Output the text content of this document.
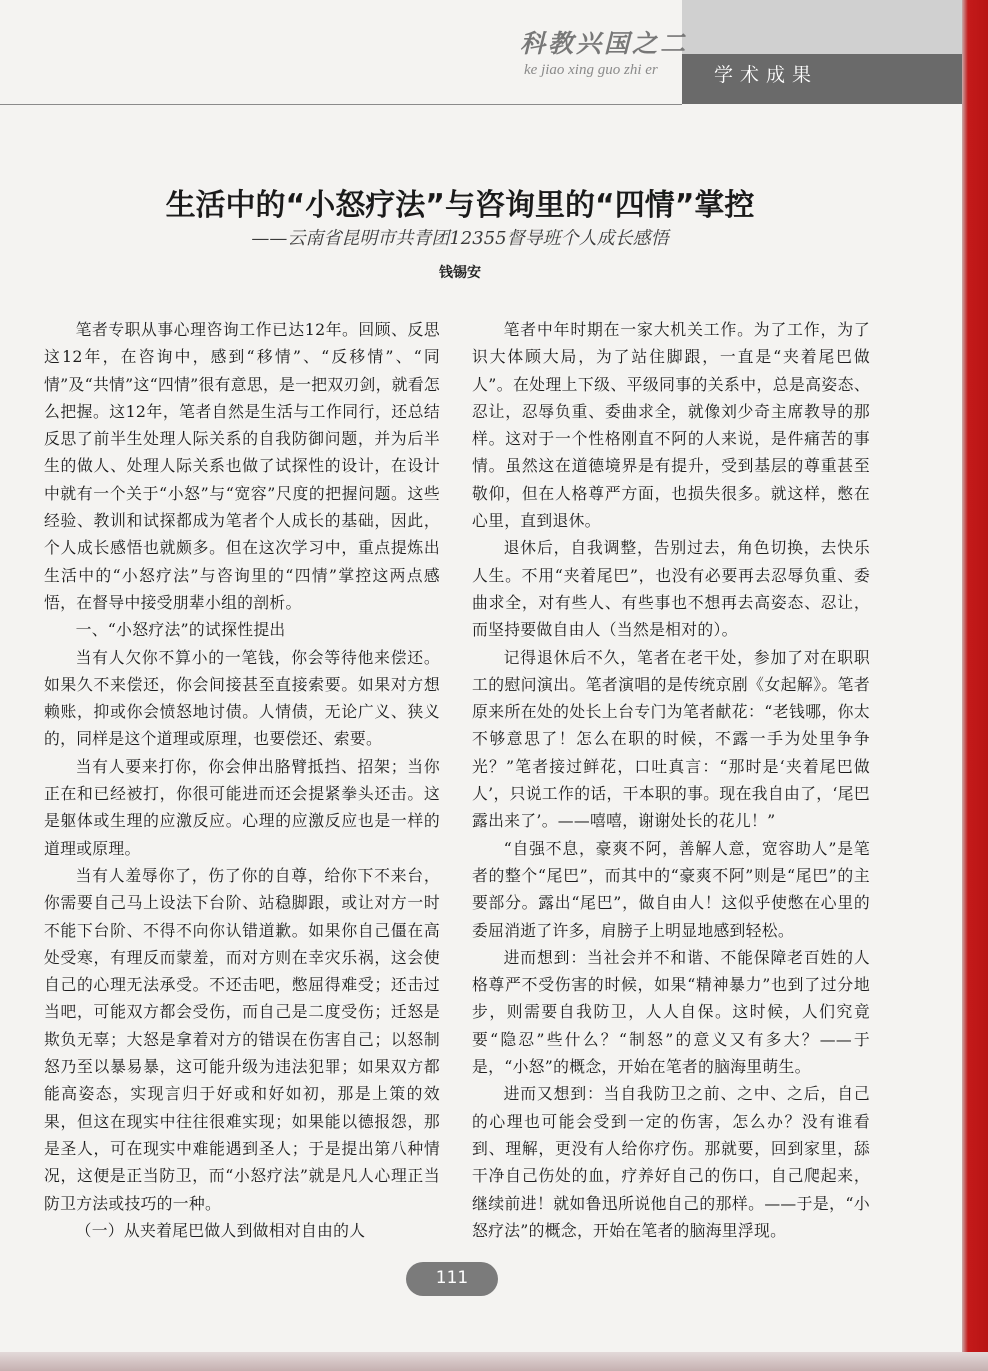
科教兴国之二
ke jiao xing guo zhi er	学术成果
生活中的“小怒疗法”与咨询里的“四情”掌控
——云南省昆明市共青团12355督导班个人成长感悟
钱锡安

笔者专职从事心理咨询工作已达12年。回顾、反思这12年，在咨询中，感到“移情”、“反移情”、“同情”及“共情”这“四情”很有意思，是一把双刃剑，就看怎么把握。这12年，笔者自然是生活与工作同行，还总结反思了前半生处理人际关系的自我防御问题，并为后半生的做人、处理人际关系也做了试探性的设计，在设计中就有一个关于“小怒”与“宽容”尺度的把握问题。这些经验、教训和试探都成为笔者个人成长的基础，因此，个人成长感悟也就颇多。但在这次学习中，重点提炼出生活中的“小怒疗法”与咨询里的“四情”掌控这两点感悟，在督导中接受朋辈小组的剖析。

一、“小怒疗法”的试探性提出

当有人欠你不算小的一笔钱，你会等待他来偿还。如果久不来偿还，你会间接甚至直接索要。如果对方想赖账，抑或你会愤怒地讨债。人情债，无论广义、狭义的，同样是这个道理或原理，也要偿还、索要。

当有人要来打你，你会伸出胳臂抵挡、招架；当你正在和已经被打，你很可能进而还会提紧拳头还击。这是躯体或生理的应激反应。心理的应激反应也是一样的道理或原理。

当有人羞辱你了，伤了你的自尊，给你下不来台，你需要自己马上设法下台阶、站稳脚跟，或让对方一时不能下台阶、不得不向你认错道歉。如果你自己僵在高处受寒，有理反而蒙羞，而对方则在幸灾乐祸，这会使自己的心理无法承受。不还击吧，憋屈得难受；还击过当吧，可能双方都会受伤，而自己是二度受伤；迁怒是欺负无辜；大怒是拿着对方的错误在伤害自己；以怒制怒乃至以暴易暴，这可能升级为违法犯罪；如果双方都能高姿态，实现言归于好或和好如初，那是上策的效果，但这在现实中往往很难实现；如果能以德报怨，那是圣人，可在现实中难能遇到圣人；于是提出第八种情况，这便是正当防卫，而“小怒疗法”就是凡人心理正当防卫方法或技巧的一种。

（一）从夹着尾巴做人到做相对自由的人

笔者中年时期在一家大机关工作。为了工作，为了识大体顾大局，为了站住脚跟，一直是“夹着尾巴做人”。在处理上下级、平级同事的关系中，总是高姿态、忍让，忍辱负重、委曲求全，就像刘少奇主席教导的那样。这对于一个性格刚直不阿的人来说，是件痛苦的事情。虽然这在道德境界是有提升，受到基层的尊重甚至敬仰，但在人格尊严方面，也损失很多。就这样，憋在心里，直到退休。

退休后，自我调整，告别过去，角色切换，去快乐人生。不用“夹着尾巴”，也没有必要再去忍辱负重、委曲求全，对有些人、有些事也不想再去高姿态、忍让，而坚持要做自由人（当然是相对的）。

记得退休后不久，笔者在老干处，参加了对在职职工的慰问演出。笔者演唱的是传统京剧《女起解》。笔者原来所在处的处长上台专门为笔者献花：“老钱哪，你太不够意思了！怎么在职的时候，不露一手为处里争争光？”笔者接过鲜花，口吐真言：“那时是‘夹着尾巴做人’，只说工作的话，干本职的事。现在我自由了，‘尾巴露出来了’。——嘻嘻，谢谢处长的花儿！”

“自强不息，豪爽不阿，善解人意，宽容助人”是笔者的整个“尾巴”，而其中的“豪爽不阿”则是“尾巴”的主要部分。露出“尾巴”，做自由人！这似乎使憋在心里的委屈消逝了许多，肩膀子上明显地感到轻松。

进而想到：当社会并不和谐、不能保障老百姓的人格尊严不受伤害的时候，如果“精神暴力”也到了过分地步，则需要自我防卫，人人自保。这时候，人们究竟要“隐忍”些什么？“制怒”的意义又有多大？——于是，“小怒”的概念，开始在笔者的脑海里萌生。

进而又想到：当自我防卫之前、之中、之后，自己的心理也可能会受到一定的伤害，怎么办？没有谁看到、理解，更没有人给你疗伤。那就要，回到家里，舔干净自己伤处的血，疗养好自己的伤口，自己爬起来，继续前进！就如鲁迅所说他自己的那样。——于是，“小怒疗法”的概念，开始在笔者的脑海里浮现。

111
